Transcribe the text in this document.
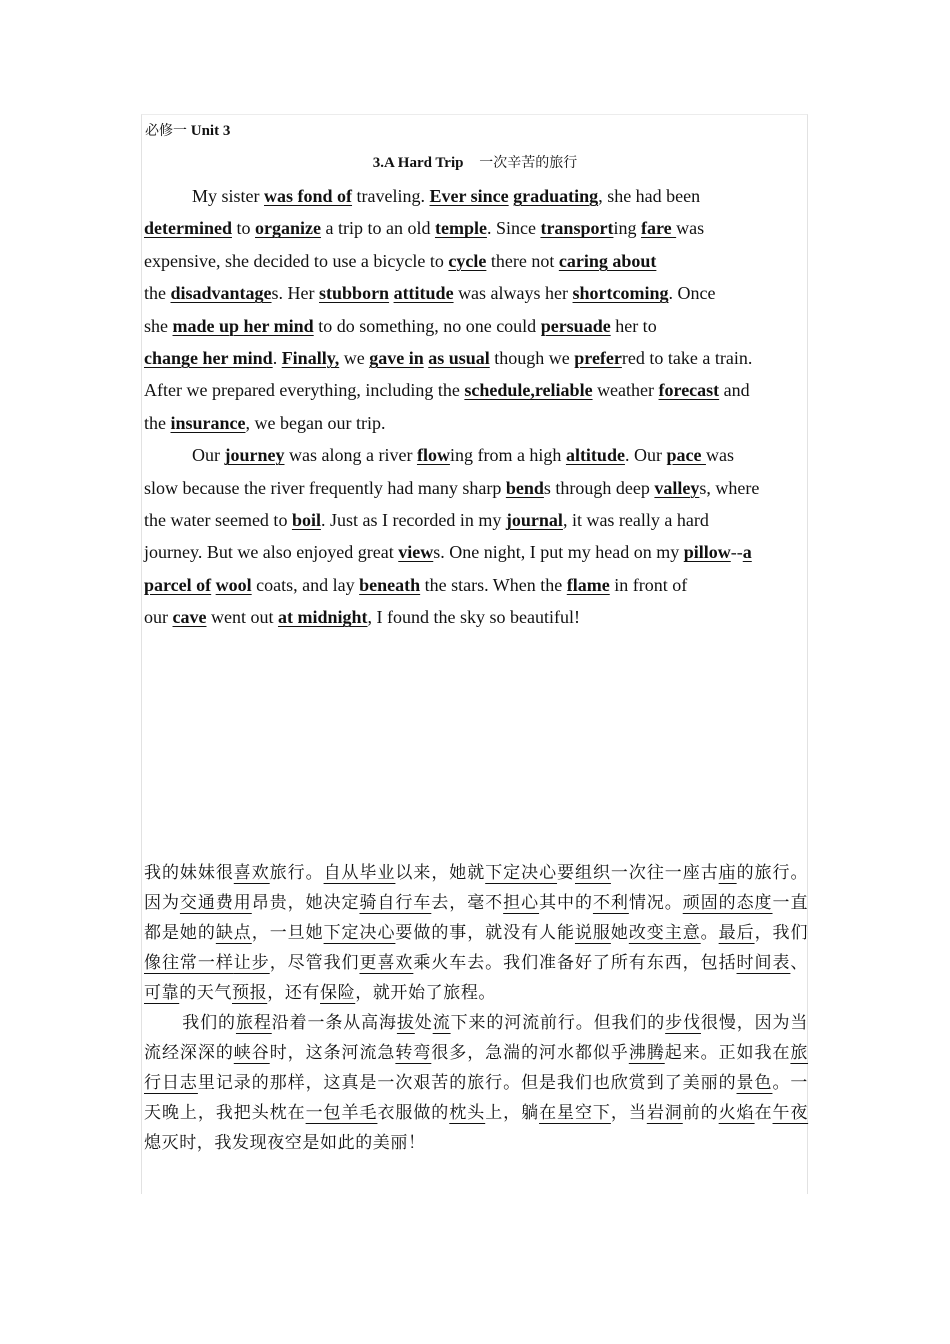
必修一 Unit 3
3.A Hard Trip 一次辛苦的旅行

My sister was fond of traveling. Ever since graduating, she had been
determined to organize a trip to an old temple. Since transporting fare was
expensive, she decided to use a bicycle to cycle there not caring about
the disadvantages. Her stubborn attitude was always her shortcoming. Once
she made up her mind to do something, no one could persuade her to
change her mind. Finally, we gave in as usual though we preferred to take a train.
After we prepared everything, including the schedule,reliable weather forecast and
the insurance, we began our trip.

Our journey was along a river flowing from a high altitude. Our pace was
slow because the river frequently had many sharp bends through deep valleys, where
the water seemed to boil. Just as I recorded in my journal, it was really a hard
journey. But we also enjoyed great views. One night, I put my head on my pillow--a
parcel of wool coats, and lay beneath the stars. When the flame in front of
our cave went out at midnight, I found the sky so beautiful!

我的妹妹很喜欢旅行。自从毕业以来，她就下定决心要组织一次往一座古庙的旅行。因为交通费用昂贵，她决定骑自行车去，毫不担心其中的不利情况。顽固的态度一直都是她的缺点，一旦她下定决心要做的事，就没有人能说服她改变主意。最后，我们像往常一样让步，尽管我们更喜欢乘火车去。我们准备好了所有东西，包括时间表、可靠的天气预报，还有保险，就开始了旅程。

我们的旅程沿着一条从高海拔处流下来的河流前行。但我们的步伐很慢，因为当流经深深的峡谷时，这条河流急转弯很多，急湍的河水都似乎沸腾起来。正如我在旅行日志里记录的那样，这真是一次艰苦的旅行。但是我们也欣赏到了美丽的景色。一天晚上，我把头枕在一包羊毛衣服做的枕头上，躺在星空下，当岩洞前的火焰在午夜熄灭时，我发现夜空是如此的美丽！
